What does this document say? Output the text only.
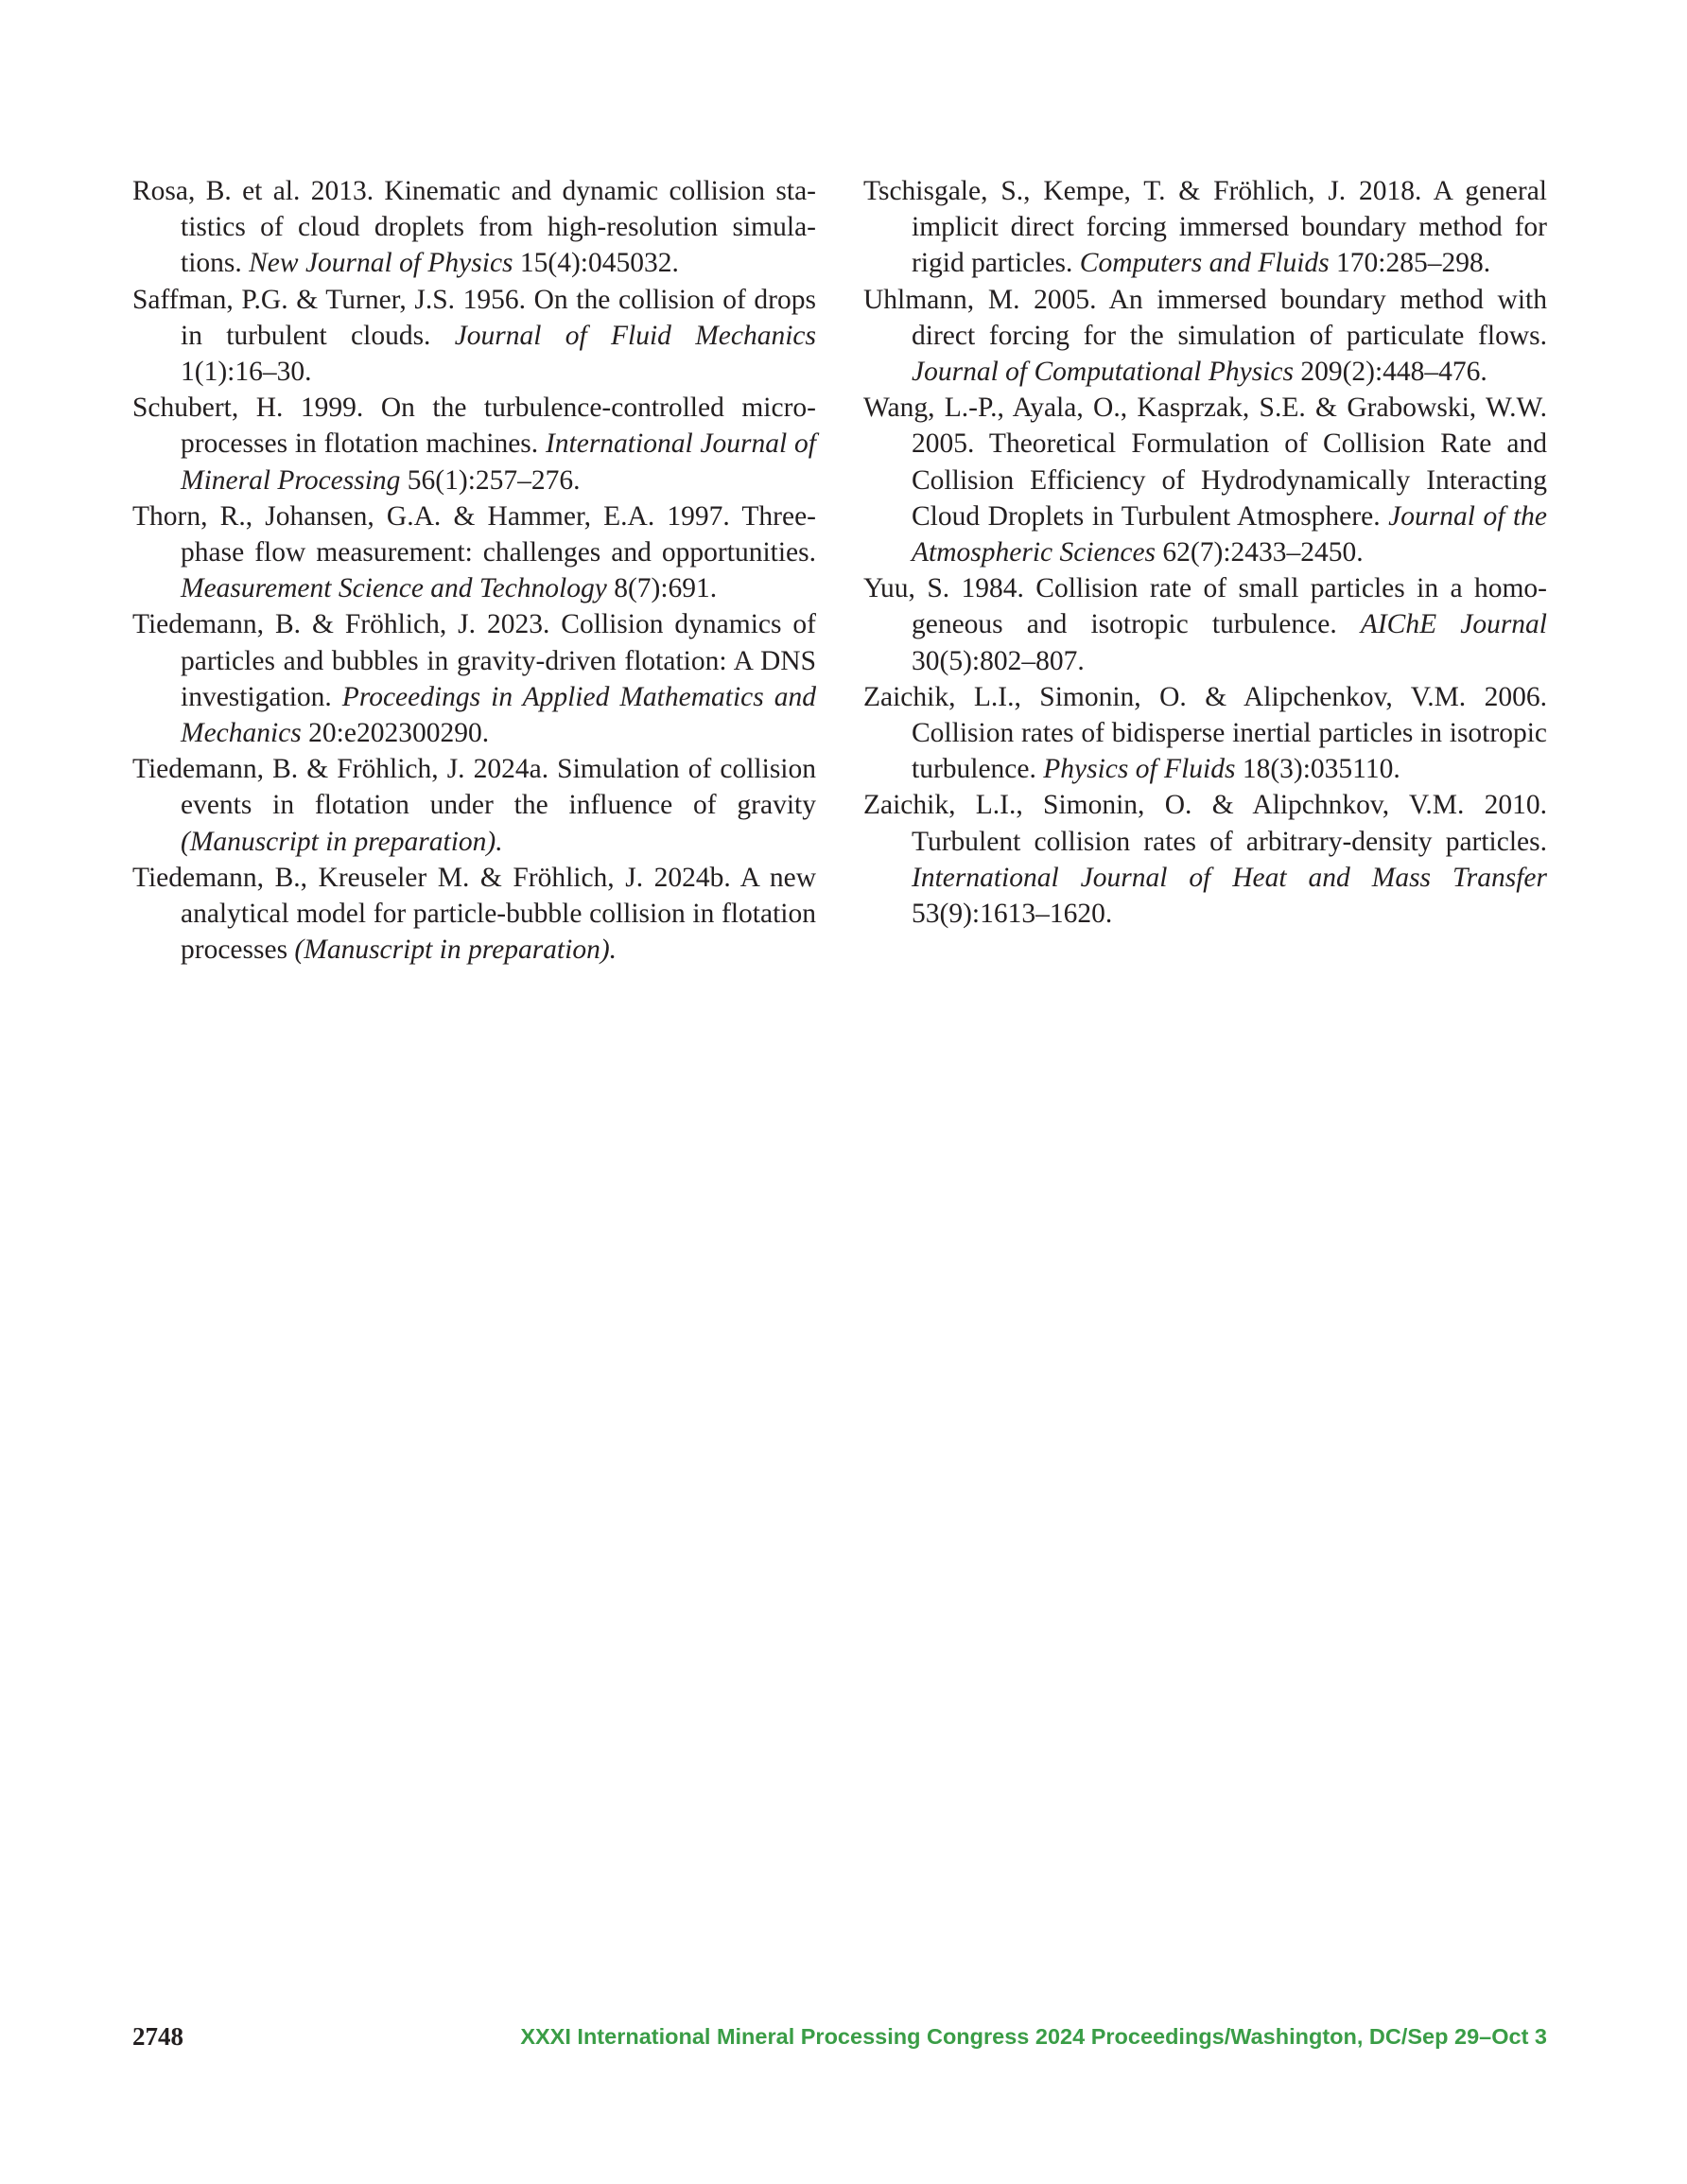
Rosa, B. et al. 2013. Kinematic and dynamic collision statistics of cloud droplets from high-resolution simulations. New Journal of Physics 15(4):045032.

Saffman, P.G. & Turner, J.S. 1956. On the collision of drops in turbulent clouds. Journal of Fluid Mechanics 1(1):16–30.

Schubert, H. 1999. On the turbulence-controlled microprocesses in flotation machines. International Journal of Mineral Processing 56(1):257–276.

Thorn, R., Johansen, G.A. & Hammer, E.A. 1997. Three-phase flow measurement: challenges and opportunities. Measurement Science and Technology 8(7):691.

Tiedemann, B. & Fröhlich, J. 2023. Collision dynamics of particles and bubbles in gravity-driven flotation: A DNS investigation. Proceedings in Applied Mathematics and Mechanics 20:e202300290.

Tiedemann, B. & Fröhlich, J. 2024a. Simulation of collision events in flotation under the influence of gravity (Manuscript in preparation).

Tiedemann, B., Kreuseler M. & Fröhlich, J. 2024b. A new analytical model for particle-bubble collision in flotation processes (Manuscript in preparation).

Tschisgale, S., Kempe, T. & Fröhlich, J. 2018. A general implicit direct forcing immersed boundary method for rigid particles. Computers and Fluids 170:285–298.

Uhlmann, M. 2005. An immersed boundary method with direct forcing for the simulation of particulate flows. Journal of Computational Physics 209(2):448–476.

Wang, L.-P., Ayala, O., Kasprzak, S.E. & Grabowski, W.W. 2005. Theoretical Formulation of Collision Rate and Collision Efficiency of Hydrodynamically Interacting Cloud Droplets in Turbulent Atmosphere. Journal of the Atmospheric Sciences 62(7):2433–2450.

Yuu, S. 1984. Collision rate of small particles in a homogeneous and isotropic turbulence. AIChE Journal 30(5):802–807.

Zaichik, L.I., Simonin, O. & Alipchenkov, V.M. 2006. Collision rates of bidisperse inertial particles in isotropic turbulence. Physics of Fluids 18(3):035110.

Zaichik, L.I., Simonin, O. & Alipchnkov, V.M. 2010. Turbulent collision rates of arbitrary-density particles. International Journal of Heat and Mass Transfer 53(9):1613–1620.

2748	XXXI International Mineral Processing Congress 2024 Proceedings/Washington, DC/Sep 29–Oct 3
